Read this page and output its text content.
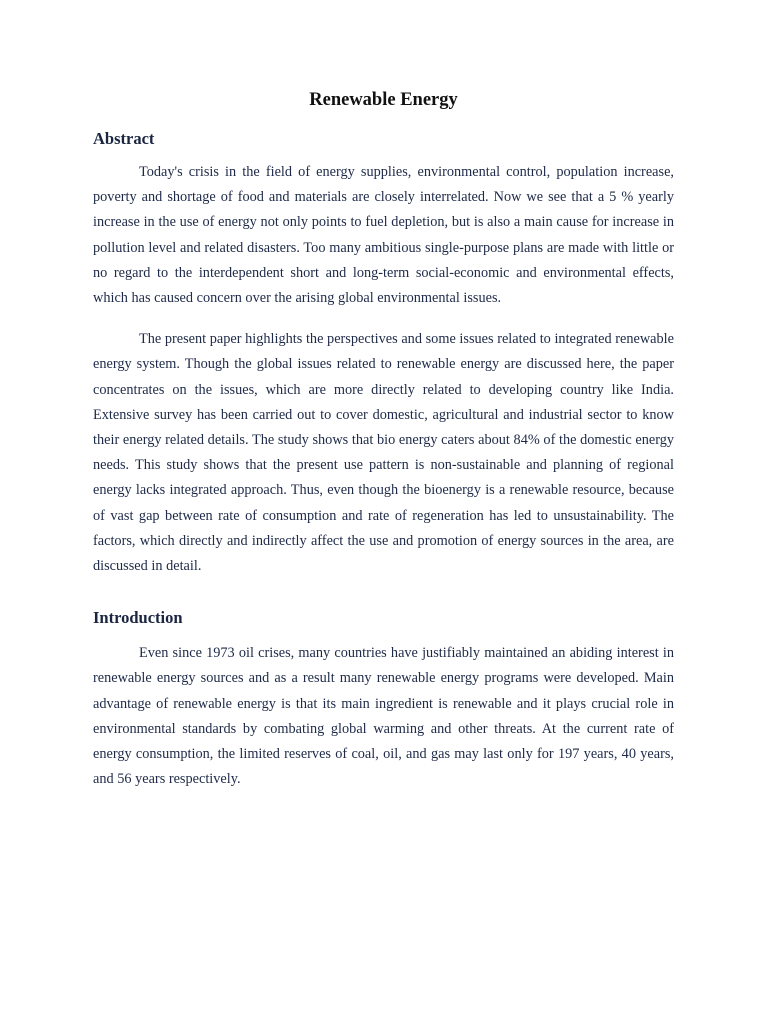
Renewable Energy
Abstract

Today's crisis in the field of energy supplies, environmental control, population increase, poverty and shortage of food and materials are closely interrelated. Now we see that a 5 % yearly increase in the use of energy not only points to fuel depletion, but is also a main cause for increase in pollution level and related disasters. Too many ambitious single-purpose plans are made with little or no regard to the interdependent short and long-term social-economic and environmental effects, which has caused concern over the arising global environmental issues.

The present paper highlights the perspectives and some issues related to integrated renewable energy system. Though the global issues related to renewable energy are discussed here, the paper concentrates on the issues, which are more directly related to developing country like India. Extensive survey has been carried out to cover domestic, agricultural and industrial sector to know their energy related details. The study shows that bio energy caters about 84% of the domestic energy needs. This study shows that the present use pattern is non-sustainable and planning of regional energy lacks integrated approach. Thus, even though the bioenergy is a renewable resource, because of vast gap between rate of consumption and rate of regeneration has led to unsustainability. The factors, which directly and indirectly affect the use and promotion of energy sources in the area, are discussed in detail.

Introduction

Even since 1973 oil crises, many countries have justifiably maintained an abiding interest in renewable energy sources and as a result many renewable energy programs were developed. Main advantage of renewable energy is that its main ingredient is renewable and it plays crucial role in environmental standards by combating global warming and other threats. At the current rate of energy consumption, the limited reserves of coal, oil, and gas may last only for 197 years, 40 years, and 56 years respectively.
